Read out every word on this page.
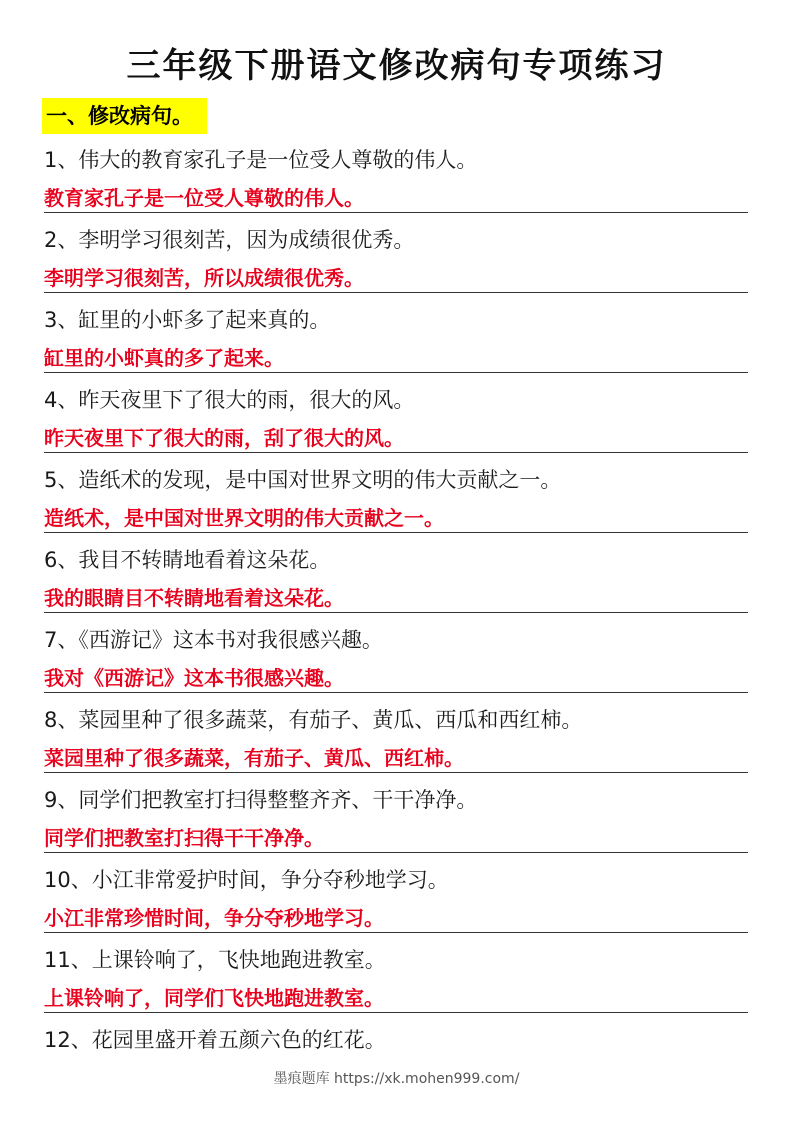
三年级下册语文修改病句专项练习
一、修改病句。
1、伟大的教育家孔子是一位受人尊敬的伟人。
教育家孔子是一位受人尊敬的伟人。
2、李明学习很刻苦，因为成绩很优秀。
李明学习很刻苦，所以成绩很优秀。
3、缸里的小虾多了起来真的。
缸里的小虾真的多了起来。
4、昨天夜里下了很大的雨，很大的风。
昨天夜里下了很大的雨，刮了很大的风。
5、造纸术的发现，是中国对世界文明的伟大贡献之一。
造纸术，是中国对世界文明的伟大贡献之一。
6、我目不转睛地看着这朵花。
我的眼睛目不转睛地看着这朵花。
7、《西游记》这本书对我很感兴趣。
我对《西游记》这本书很感兴趣。
8、菜园里种了很多蔬菜，有茄子、黄瓜、西瓜和西红柿。
菜园里种了很多蔬菜，有茄子、黄瓜、西红柿。
9、同学们把教室打扫得整整齐齐、干干净净。
同学们把教室打扫得干干净净。
10、小江非常爱护时间，争分夺秒地学习。
小江非常珍惜时间，争分夺秒地学习。
11、上课铃响了，飞快地跑进教室。
上课铃响了，同学们飞快地跑进教室。
12、花园里盛开着五颜六色的红花。
墨痕题库 https://xk.mohen999.com/
